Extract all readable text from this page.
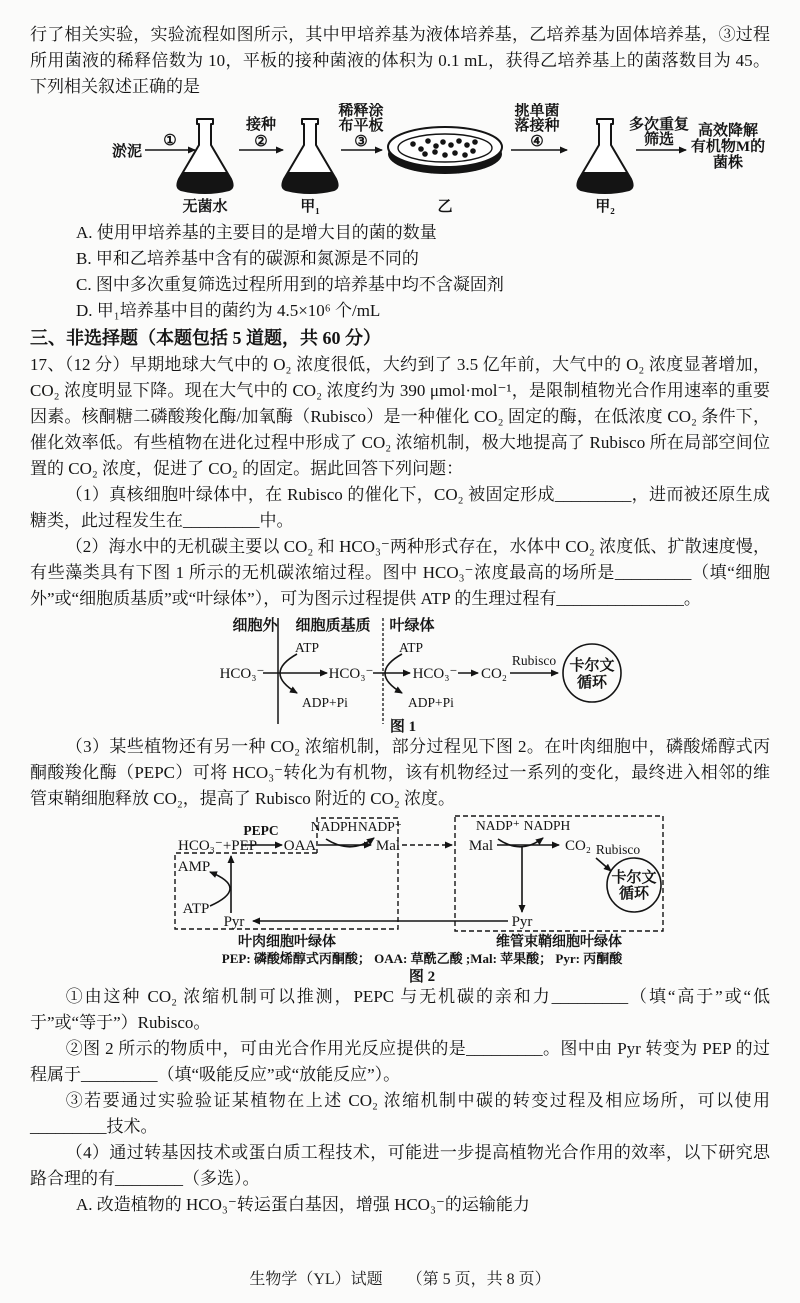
行了相关实验，实验流程如图所示，其中甲培养基为液体培养基，乙培养基为固体培养基，③过程所用菌液的稀释倍数为 10，平板的接种菌液的体积为 0.1 mL，获得乙培养基上的菌落数目为 45。下列相关叙述正确的是

淤泥
①
无菌水
接种
②
甲₁
稀释涂
布平板
③
乙
挑单菌
落接种
④
甲₂
多次重复
筛选
高效降解
有机物M的
菌株

A. 使用甲培养基的主要目的是增大目的菌的数量

B. 甲和乙培养基中含有的碳源和氮源是不同的

C. 图中多次重复筛选过程所用到的培养基中均不含凝固剂

D. 甲₁培养基中目的菌约为 4.5×10⁶ 个/mL

三、非选择题（本题包括 5 道题，共 60 分）

17、（12 分）早期地球大气中的 O₂ 浓度很低，大约到了 3.5 亿年前，大气中的 O₂ 浓度显著增加，CO₂ 浓度明显下降。现在大气中的 CO₂ 浓度约为 390 μmol·mol⁻¹，是限制植物光合作用速率的重要因素。核酮糖二磷酸羧化酶/加氧酶（Rubisco）是一种催化 CO₂ 固定的酶，在低浓度 CO₂ 条件下，催化效率低。有些植物在进化过程中形成了 CO₂ 浓缩机制，极大地提高了 Rubisco 所在局部空间位置的 CO₂ 浓度，促进了 CO₂ 的固定。据此回答下列问题：

（1）真核细胞叶绿体中，在 Rubisco 的催化下，CO₂ 被固定形成_________，进而被还原生成糖类，此过程发生在_________中。

（2）海水中的无机碳主要以 CO₂ 和 HCO₃⁻两种形式存在，水体中 CO₂ 浓度低、扩散速度慢，有些藻类具有下图 1 所示的无机碳浓缩过程。图中 HCO₃⁻浓度最高的场所是_________（填“细胞外”或“细胞质基质”或“叶绿体”），可为图示过程提供 ATP 的生理过程有_______________。

细胞外 细胞质基质 叶绿体
HCO₃⁻
ATP
ADP+Pi
HCO₃⁻
ATP
ADP+Pi
HCO₃⁻ CO₂
Rubisco 卡尔文
循环
图 1

（3）某些植物还有另一种 CO₂ 浓缩机制，部分过程见下图 2。在叶肉细胞中，磷酸烯醇式丙酮酸羧化酶（PEPC）可将 HCO₃⁻转化为有机物，该有机物经过一系列的变化，最终进入相邻的维管束鞘细胞释放 CO₂，提高了 Rubisco 附近的 CO₂ 浓度。

HCO₃⁻+PEP
PEPC
OAA
NADPH NADP⁺
Mal	Mal
NADP⁺ NADPH
CO₂ Rubisco
卡尔文
循环
Pyr
Pyr
AMP
ATP
叶肉细胞叶绿体	维管束鞘细胞叶绿体
PEP: 磷酸烯醇式丙酮酸； OAA: 草酰乙酸 ;Mal: 苹果酸； Pyr: 丙酮酸
图 2

①由这种 CO₂ 浓缩机制可以推测，PEPC 与无机碳的亲和力_________（填“高于”或“低于”或“等于”）Rubisco。

②图 2 所示的物质中，可由光合作用光反应提供的是_________。图中由 Pyr 转变为 PEP 的过程属于_________（填“吸能反应”或“放能反应”）。

③若要通过实验验证某植物在上述 CO₂ 浓缩机制中碳的转变过程及相应场所，可以使用_________技术。

（4）通过转基因技术或蛋白质工程技术，可能进一步提高植物光合作用的效率，以下研究思路合理的有________（多选）。

A. 改造植物的 HCO₃⁻转运蛋白基因，增强 HCO₃⁻的运输能力

生物学（YL）试题　　（第 5 页，共 8 页）
